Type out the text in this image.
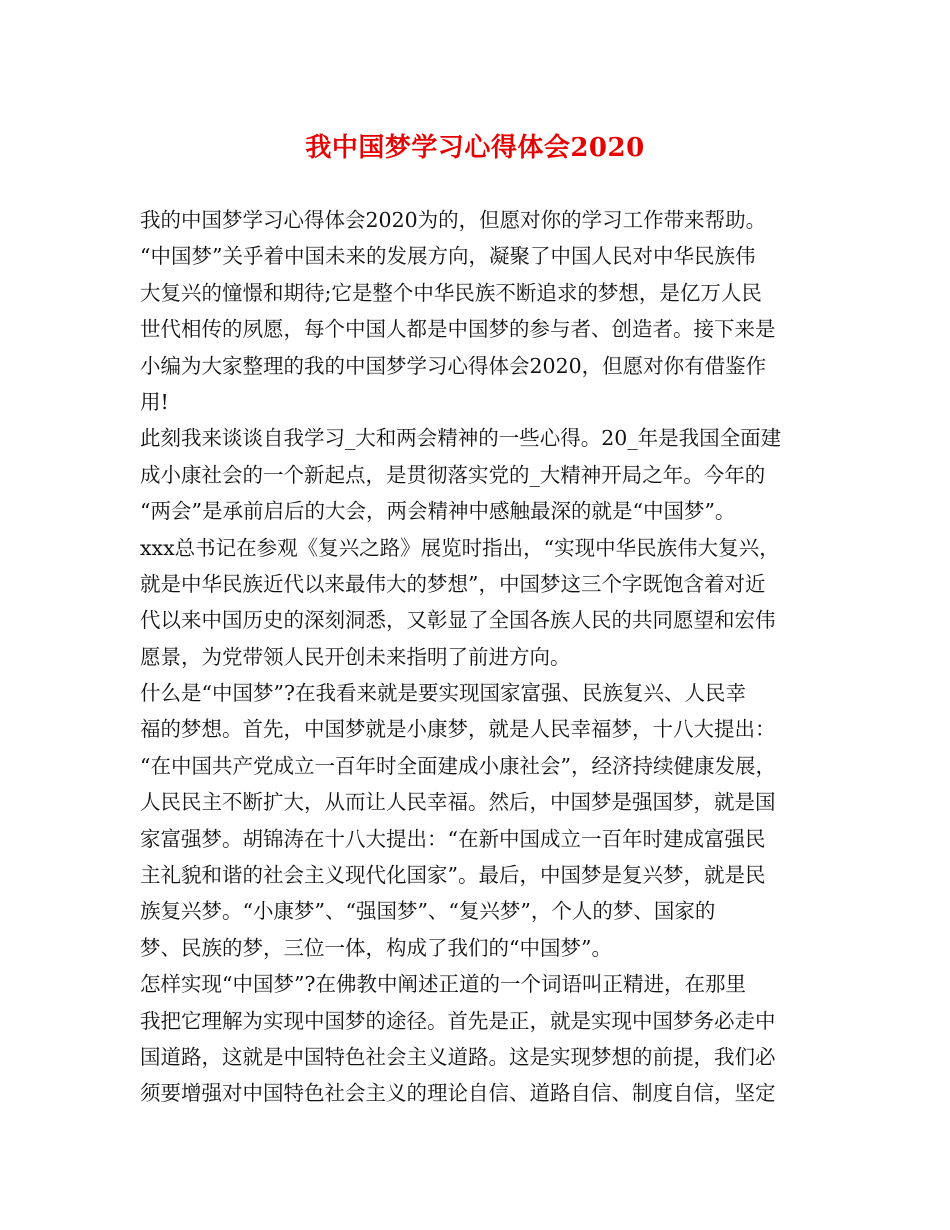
我中国梦学习心得体会2020
我的中国梦学习心得体会2020为的，但愿对你的学习工作带来帮助。
“中国梦”关乎着中国未来的发展方向，凝聚了中国人民对中华民族伟
大复兴的憧憬和期待;它是整个中华民族不断追求的梦想，是亿万人民
世代相传的夙愿，每个中国人都是中国梦的参与者、创造者。接下来是
小编为大家整理的我的中国梦学习心得体会2020，但愿对你有借鉴作
用!
此刻我来谈谈自我学习_大和两会精神的一些心得。20_年是我国全面建
成小康社会的一个新起点，是贯彻落实党的_大精神开局之年。今年的
“两会”是承前启后的大会，两会精神中感触最深的就是“中国梦”。
xxx总书记在参观《复兴之路》展览时指出，“实现中华民族伟大复兴，
就是中华民族近代以来最伟大的梦想”，中国梦这三个字既饱含着对近
代以来中国历史的深刻洞悉，又彰显了全国各族人民的共同愿望和宏伟
愿景，为党带领人民开创未来指明了前进方向。
什么是“中国梦”?在我看来就是要实现国家富强、民族复兴、人民幸
福的梦想。首先，中国梦就是小康梦，就是人民幸福梦，十八大提出：
“在中国共产党成立一百年时全面建成小康社会”，经济持续健康发展，
人民民主不断扩大，从而让人民幸福。然后，中国梦是强国梦，就是国
家富强梦。胡锦涛在十八大提出：“在新中国成立一百年时建成富强民
主礼貌和谐的社会主义现代化国家”。最后，中国梦是复兴梦，就是民
族复兴梦。“小康梦”、“强国梦”、“复兴梦”，个人的梦、国家的
梦、民族的梦，三位一体，构成了我们的“中国梦”。
怎样实现“中国梦”?在佛教中阐述正道的一个词语叫正精进，在那里
我把它理解为实现中国梦的途径。首先是正，就是实现中国梦务必走中
国道路，这就是中国特色社会主义道路。这是实现梦想的前提，我们必
须要增强对中国特色社会主义的理论自信、道路自信、制度自信，坚定
